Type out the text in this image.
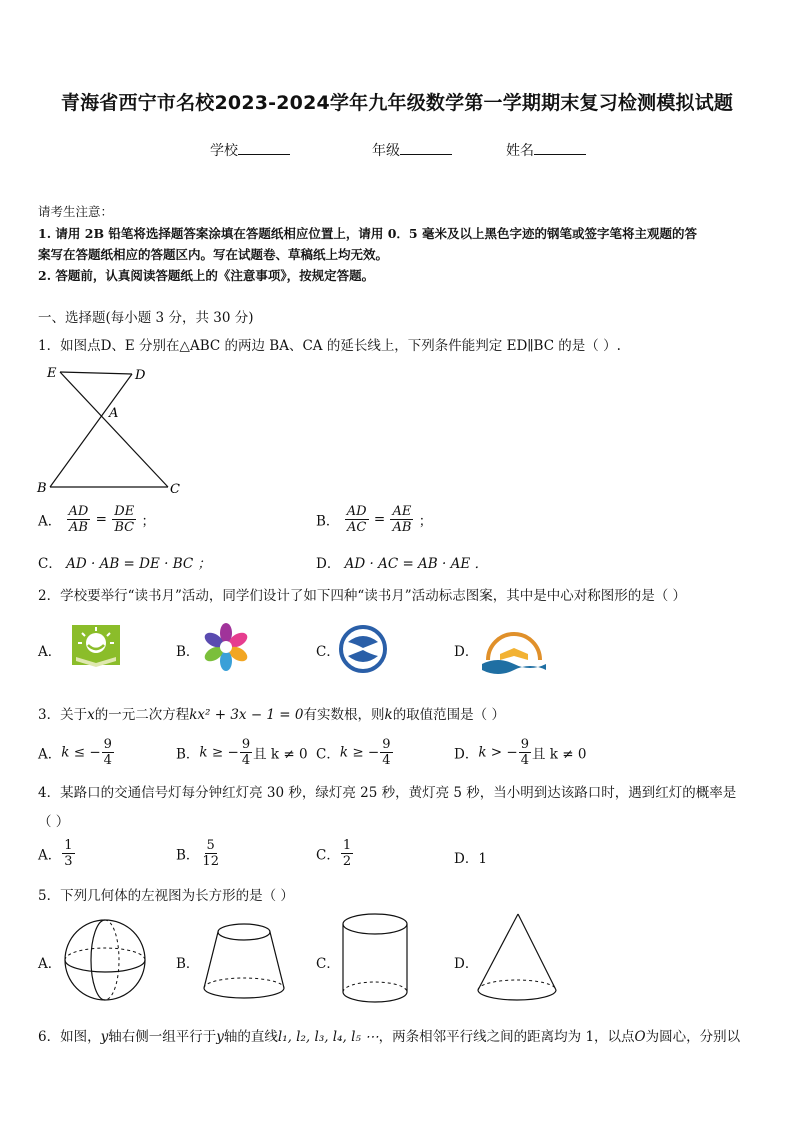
青海省西宁市名校2023-2024学年九年级数学第一学期期末复习检测模拟试题
学校	年级	姓名
请考生注意：
1. 请用 2B 铅笔将选择题答案涂填在答题纸相应位置上，请用 0．5 毫米及以上黑色字迹的钢笔或签字笔将主观题的答
案写在答题纸相应的答题区内。写在试题卷、草稿纸上均无效。
2. 答题前，认真阅读答题纸上的《注意事项》，按规定答题。
一、选择题(每小题 3 分，共 30 分)
1．如图点D、E 分别在△ABC 的两边 BA、CA 的延长线上，下列条件能判定 ED∥BC 的是（ ）.
E	D
A
B	C
A． $\frac{AD}{AB} = \frac{DE}{BC}$ ；	B． $\frac{AD}{AC} = \frac{AE}{AB}$ ；
C． AD · AB = DE · BC ；	D． AD · AC = AB · AE ．
2．学校要举行“读书月”活动，同学们设计了如下四种“读书月”活动标志图案，其中是中心对称图形的是（ ）
A．	B．	C．	D．
3．关于x的一元二次方程kx² + 3x − 1 = 0有实数根，则k的取值范围是（ ）
A．k ≤ − $\frac{9}{4}$	B．k ≥ − $\frac{9}{4}$ 且 k ≠ 0 C．k ≥ − $\frac{9}{4}$	D．k > − $\frac{9}{4}$ 且 k ≠ 0
4．某路口的交通信号灯每分钟红灯亮 30 秒，绿灯亮 25 秒，黄灯亮 5 秒，当小明到达该路口时，遇到红灯的概率是
（ ）
A． $\frac{1}{3}$	B． $\frac{5}{12}$	C． $\frac{1}{2}$	D．1
5．下列几何体的左视图为长方形的是（ ）
A．	B．	C．	D．
6．如图，y轴右侧一组平行于y轴的直线l₁, l₂, l₃, l₄, l₅ ⋯，两条相邻平行线之间的距离均为 1，以点O为圆心，分别以
